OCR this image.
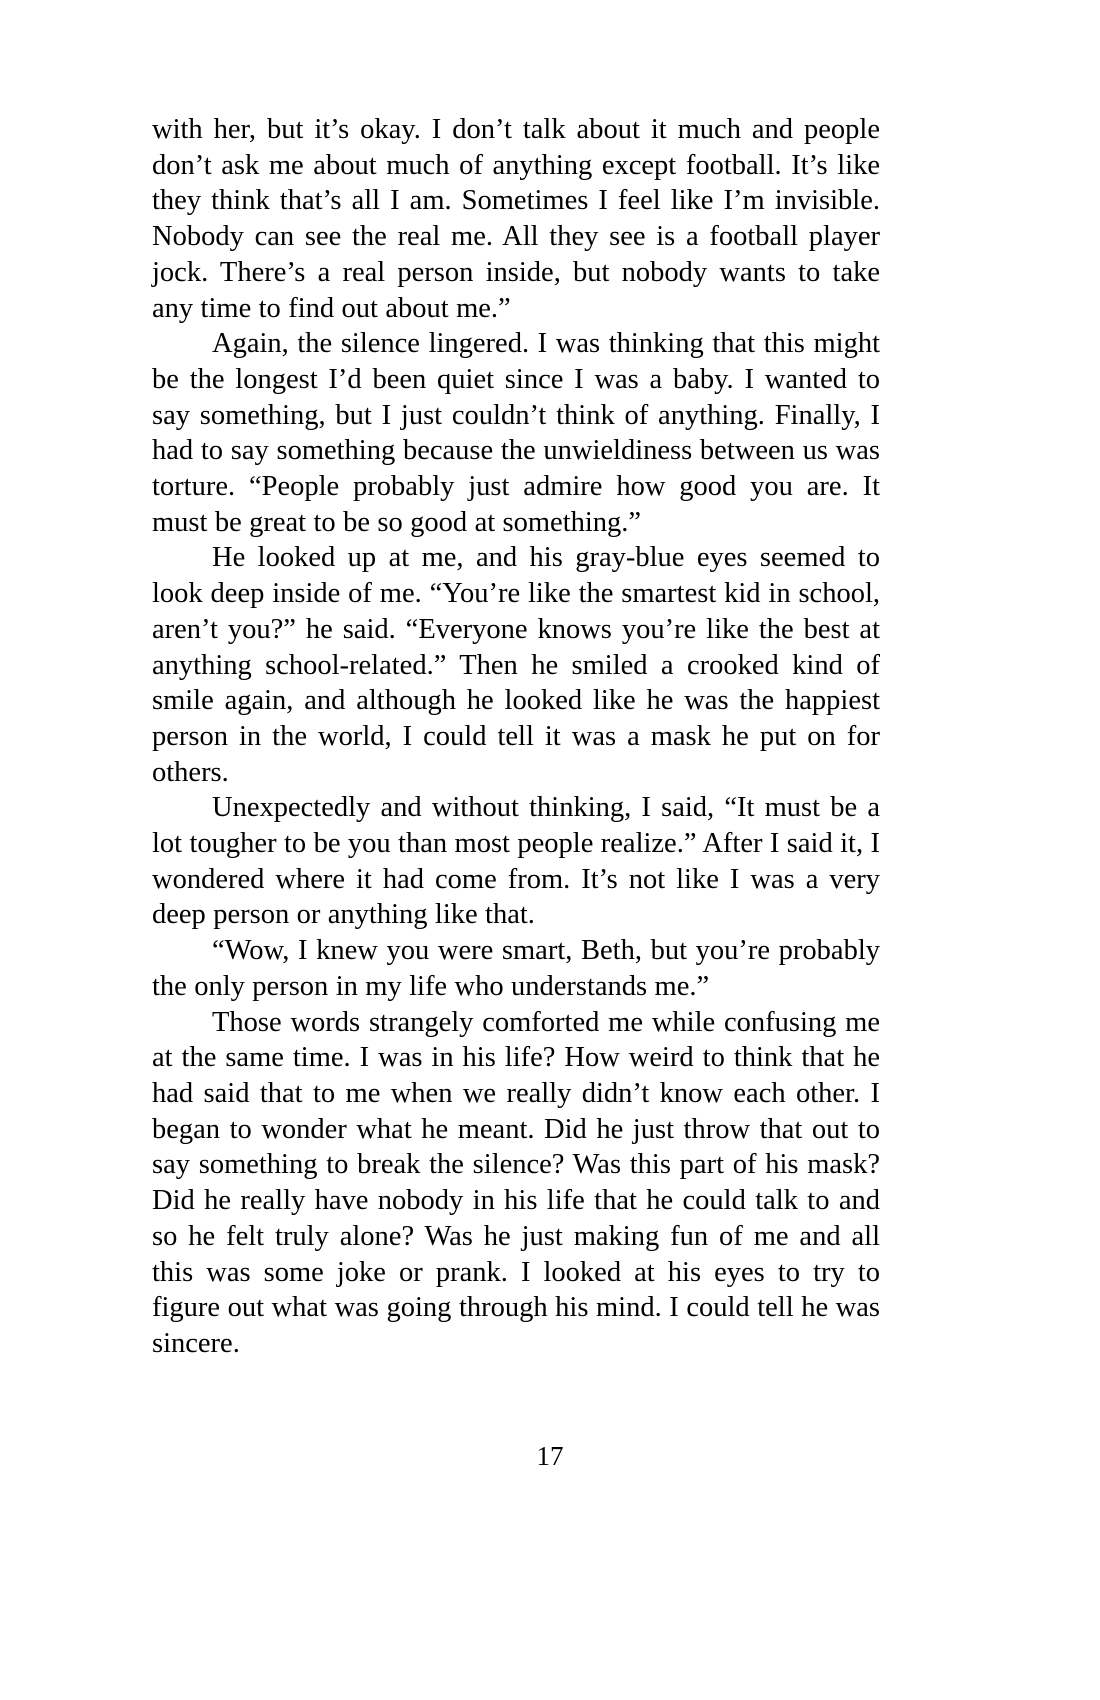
with her, but it’s okay. I don’t talk about it much and people don’t ask me about much of anything except football. It’s like they think that’s all I am. Sometimes I feel like I’m invisible. Nobody can see the real me. All they see is a football player jock. There’s a real person inside, but nobody wants to take any time to find out about me.”

Again, the silence lingered. I was thinking that this might be the longest I’d been quiet since I was a baby. I wanted to say something, but I just couldn’t think of anything. Finally, I had to say something because the unwieldiness between us was torture. “People probably just admire how good you are. It must be great to be so good at something.”

He looked up at me, and his gray-blue eyes seemed to look deep inside of me. “You’re like the smartest kid in school, aren’t you?” he said. “Everyone knows you’re like the best at anything school-related.” Then he smiled a crooked kind of smile again, and although he looked like he was the happiest person in the world, I could tell it was a mask he put on for others.

Unexpectedly and without thinking, I said, “It must be a lot tougher to be you than most people realize.” After I said it, I wondered where it had come from. It’s not like I was a very deep person or anything like that.

“Wow, I knew you were smart, Beth, but you’re probably the only person in my life who understands me.”

Those words strangely comforted me while confusing me at the same time. I was in his life? How weird to think that he had said that to me when we really didn’t know each other. I began to wonder what he meant. Did he just throw that out to say something to break the silence? Was this part of his mask? Did he really have nobody in his life that he could talk to and so he felt truly alone? Was he just making fun of me and all this was some joke or prank. I looked at his eyes to try to figure out what was going through his mind. I could tell he was sincere.

17
